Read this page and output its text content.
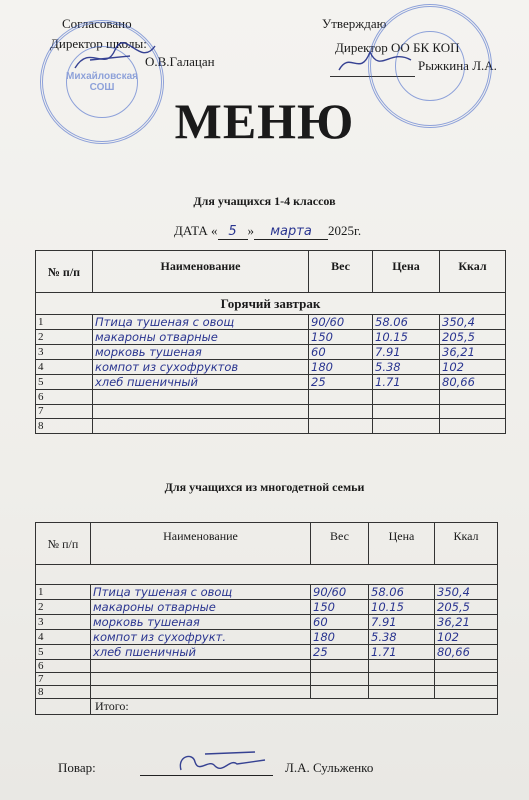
Согласовано
Директор школы:
О.В.Галацан
Михайловская СОШ
Утверждаю
Директор ОО БК КОП
Рыжкина Л.А.
МЕНЮ
Для учащихся 1-4 классов
ДАТА « 5 » марта 2025г.
№ п/п	Наименование	Вес	Цена	Ккал
Горячий завтрак				
1	Птица тушеная с овощ	90/60	58.06	350,4
2	макароны отварные	150	10.15	205,5
3	морковь тушеная	60	7.91	36,21
4	компот из сухофруктов	180	5.38	102
5	хлеб пшеничный	25	1.71	80,66
6				
7				
8				
Для учащихся из многодетной семьи
№ п/п	Наименование	Вес	Цена	Ккал

1	Птица тушеная с овощ	90/60	58.06	350,4
2	макароны отварные	150	10.15	205,5
3	морковь тушеная	60	7.91	36,21
4	компот из сухофрукт.	180	5.38	102
5	хлеб пшеничный	25	1.71	80,66
6				
7				
8				
	Итого:			
Повар:	Л.А. Сульженко
